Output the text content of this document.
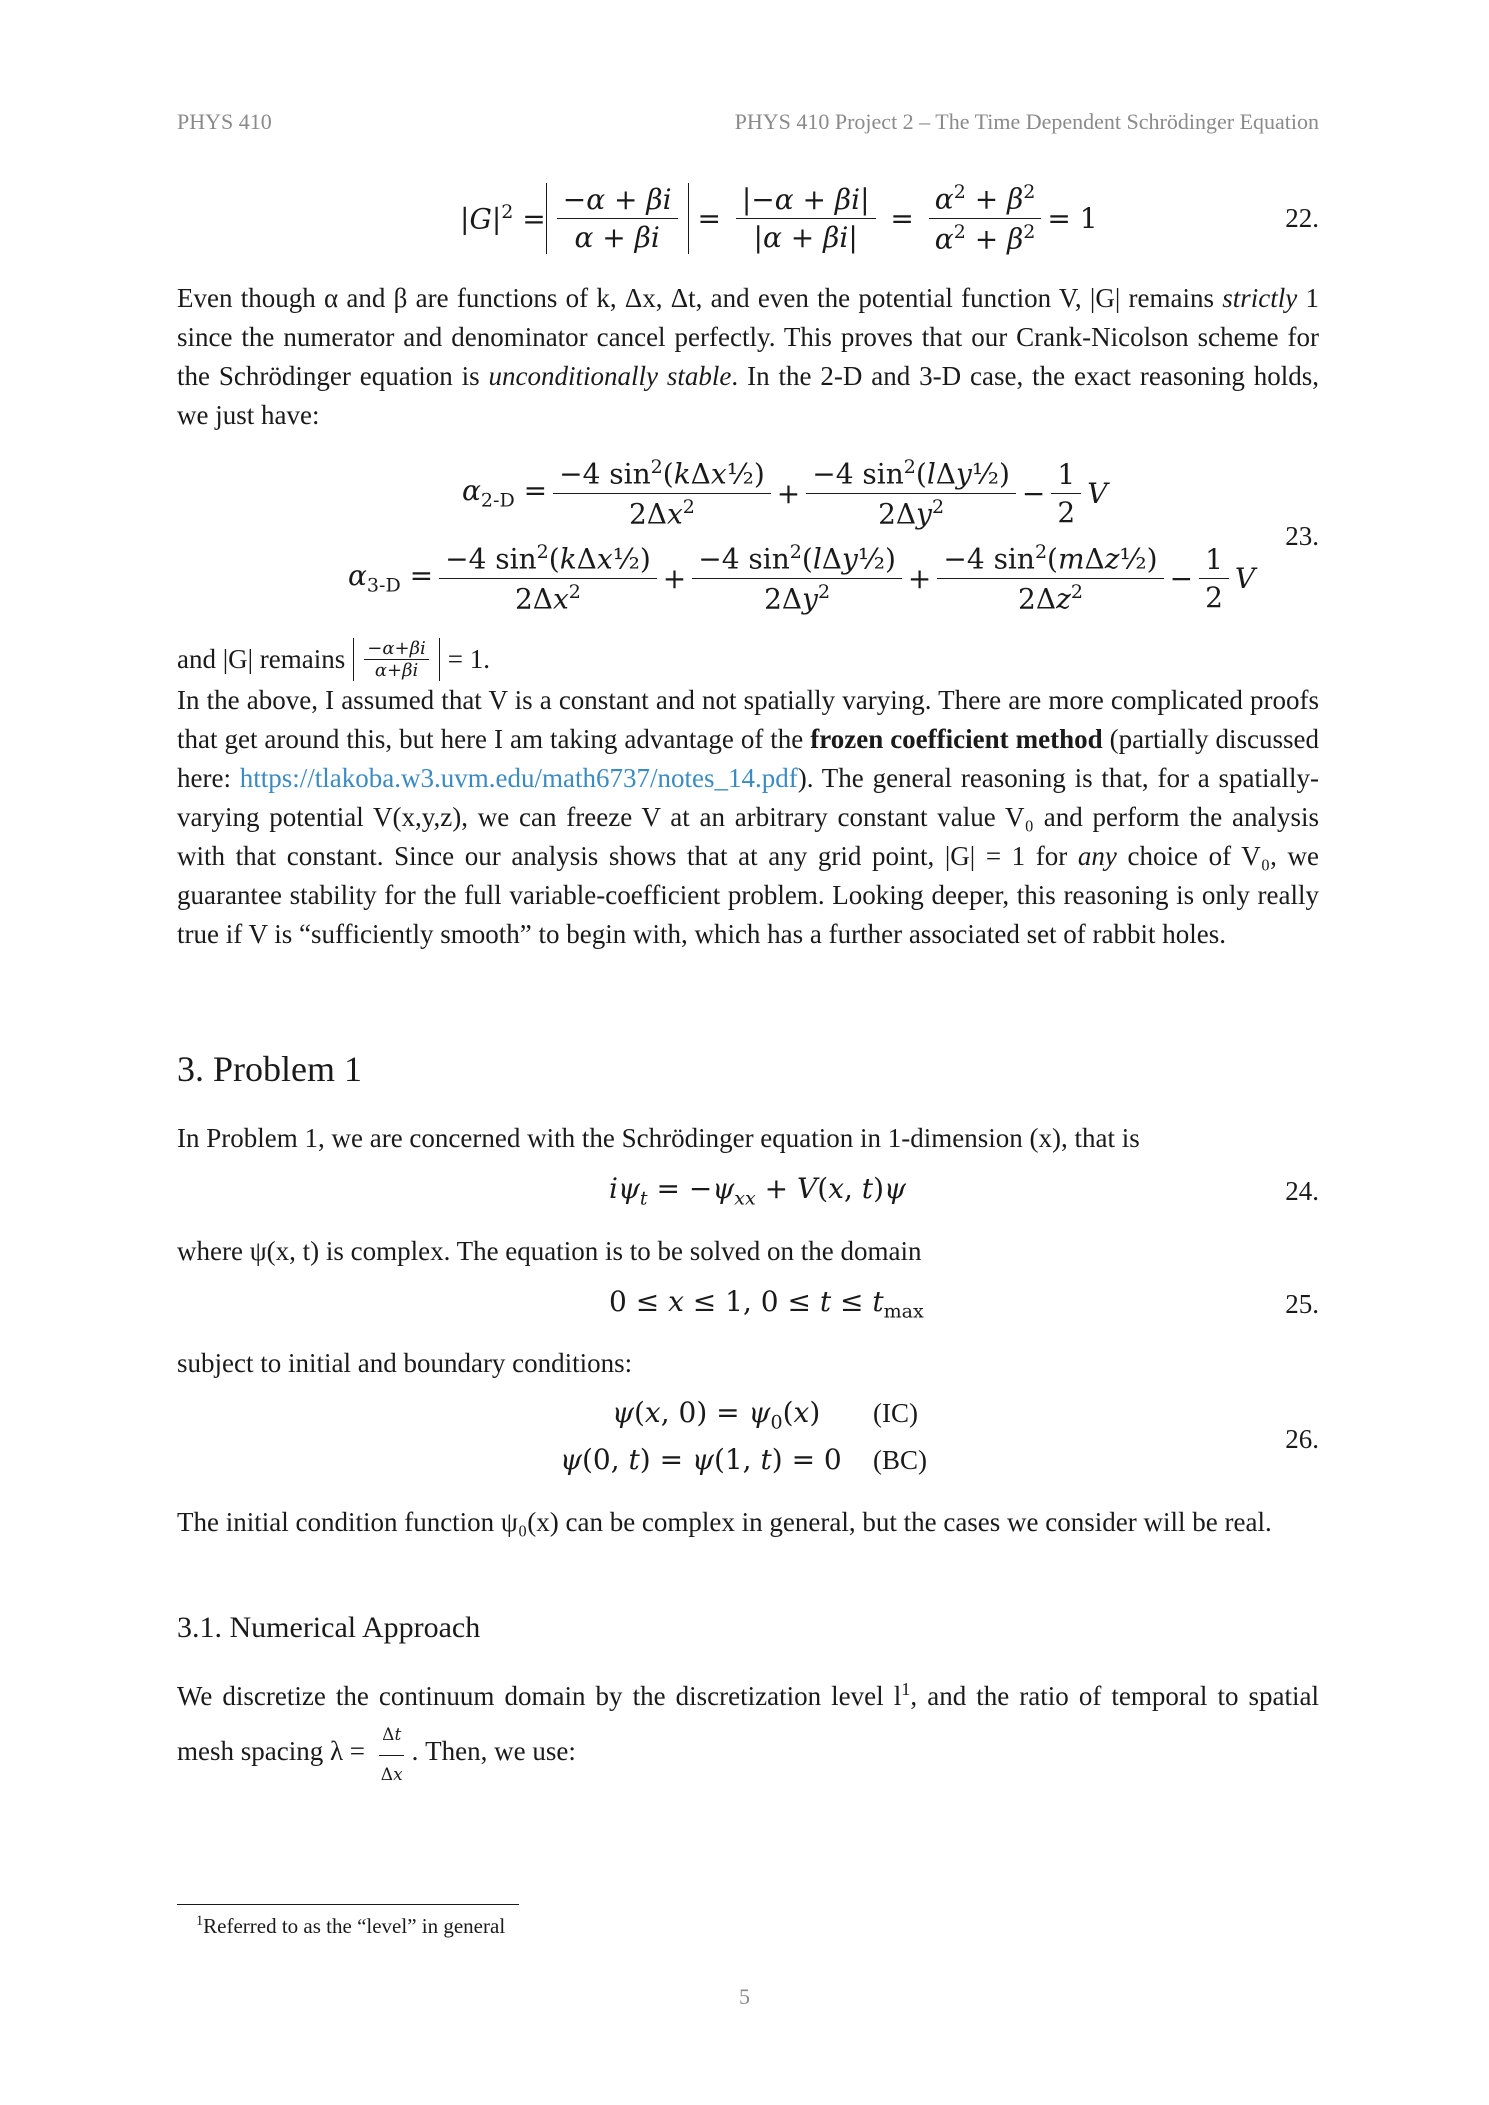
PHYS 410	PHYS 410 Project 2 – The Time Dependent Schrödinger Equation
$|G|^2 = \frac{-\alpha + \beta i}{\alpha + \beta i} = \frac{|-\alpha + \beta i|}{|\alpha + \beta i|} = \frac{\alpha^2 + \beta^2}{\alpha^2 + \beta^2} = 1$	22.

Even though α and β are functions of k, Δx, Δt, and even the potential function V, |G| remains strictly 1 since the numerator and denominator cancel perfectly. This proves that our Crank-Nicolson scheme for the Schrödinger equation is unconditionally stable. In the 2-D and 3-D case, the exact reasoning holds, we just have:

$\alpha_{2-D} = \frac{-4 \sin^2(k\Delta x\frac{1}{2})}{2\Delta x^2} + \frac{-4 \sin^2(l\Delta y\frac{1}{2})}{2\Delta y^2} - \frac{1}{2}$ V
$\alpha_{3-D} = \frac{-4 \sin^2(k\Delta x\frac{1}{2})}{2\Delta x^2} + \frac{-4 \sin^2(l\Delta y\frac{1}{2})}{2\Delta y^2} + \frac{-4 \sin^2(m\Delta z\frac{1}{2})}{2\Delta z^2} - \frac{1}{2}$ V
23.
and |G| remains $\frac{-\alpha+\beta i}{\alpha+\beta i} = 1$.

In the above, I assumed that V is a constant and not spatially varying. There are more complicated proofs that get around this, but here I am taking advantage of the frozen coefficient method (partially discussed here: https://tlakoba.w3.uvm.edu/math6737/notes_14.pdf). The general reasoning is that, for a spatially-varying potential V(x,y,z), we can freeze V at an arbitrary constant value V₀ and perform the analysis with that constant. Since our analysis shows that at any grid point, |G| = 1 for any choice of V₀, we guarantee stability for the full variable-coefficient problem. Looking deeper, this reasoning is only really true if V is “sufficiently smooth” to begin with, which has a further associated set of rabbit holes.

3. Problem 1

In Problem 1, we are concerned with the Schrödinger equation in 1-dimension (x), that is

$i\psi_t = -\psi_{xx} + V(x$, t)ψ	24.

where ψ(x, t) is complex. The equation is to be solved on the domain

0 ≤ x ≤ 1, $0 \le t \le t_{max}$	25.

subject to initial and boundary conditions:

ψ(x, $0) = \psi_0(x)$ (IC)
ψ(0, t) = ψ(1, t) = 0 (BC)
26.

The initial condition function ψ₀(x) can be complex in general, but the cases we consider will be real.

3.1. Numerical Approach
We discretize the continuum domain by the discretization level $l^1$, and the ratio of temporal to spatial mesh spacing $\lambda = \frac{\Delta t}{\Delta x}$ . Then, we use:
$^1$Referred to as the “level” in general
5
